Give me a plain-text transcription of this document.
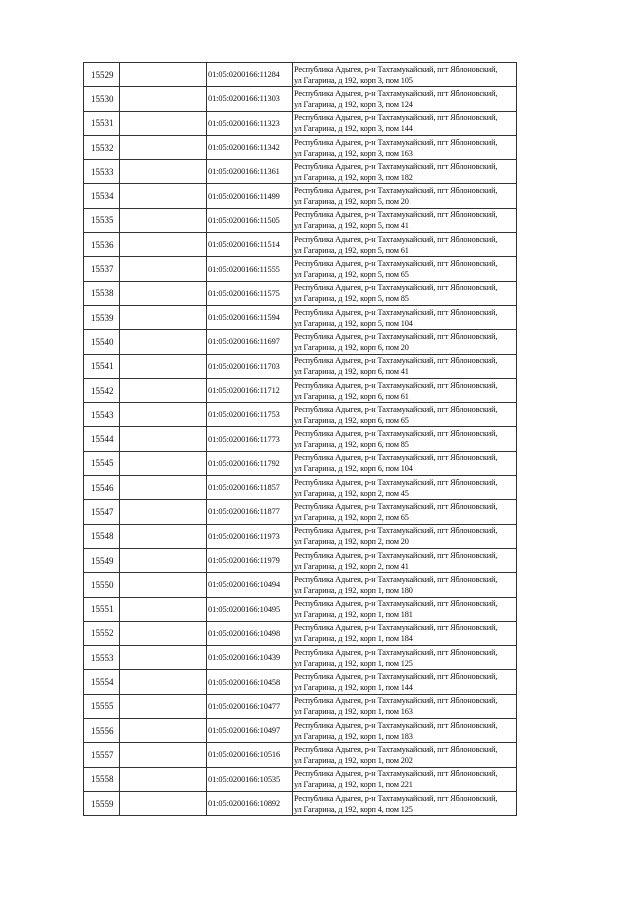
15529		01:05:0200166:11284	Республика Адыгея, р-н Тахтамукайский, пгт Яблоновский,
ул Гагарина, д 192, корп 3, пом 105

15530		01:05:0200166:11303	Республика Адыгея, р-н Тахтамукайский, пгт Яблоновский,
ул Гагарина, д 192, корп 3, пом 124

15531		01:05:0200166:11323	Республика Адыгея, р-н Тахтамукайский, пгт Яблоновский,
ул Гагарина, д 192, корп 3, пом 144

15532		01:05:0200166:11342	Республика Адыгея, р-н Тахтамукайский, пгт Яблоновский,
ул Гагарина, д 192, корп 3, пом 163

15533		01:05:0200166:11361	Республика Адыгея, р-н Тахтамукайский, пгт Яблоновский,
ул Гагарина, д 192, корп 3, пом 182

15534		01:05:0200166:11499	Республика Адыгея, р-н Тахтамукайский, пгт Яблоновский,
ул Гагарина, д 192, корп 5, пом 20

15535		01:05:0200166:11505	Республика Адыгея, р-н Тахтамукайский, пгт Яблоновский,
ул Гагарина, д 192, корп 5, пом 41

15536		01:05:0200166:11514	Республика Адыгея, р-н Тахтамукайский, пгт Яблоновский,
ул Гагарина, д 192, корп 5, пом 61

15537		01:05:0200166:11555	Республика Адыгея, р-н Тахтамукайский, пгт Яблоновский,
ул Гагарина, д 192, корп 5, пом 65

15538		01:05:0200166:11575	Республика Адыгея, р-н Тахтамукайский, пгт Яблоновский,
ул Гагарина, д 192, корп 5, пом 85

15539		01:05:0200166:11594	Республика Адыгея, р-н Тахтамукайский, пгт Яблоновский,
ул Гагарина, д 192, корп 5, пом 104

15540		01:05:0200166:11697	Республика Адыгея, р-н Тахтамукайский, пгт Яблоновский,
ул Гагарина, д 192, корп 6, пом 20

15541		01:05:0200166:11703	Республика Адыгея, р-н Тахтамукайский, пгт Яблоновский,
ул Гагарина, д 192, корп 6, пом 41

15542		01:05:0200166:11712	Республика Адыгея, р-н Тахтамукайский, пгт Яблоновский,
ул Гагарина, д 192, корп 6, пом 61

15543		01:05:0200166:11753	Республика Адыгея, р-н Тахтамукайский, пгт Яблоновский,
ул Гагарина, д 192, корп 6, пом 65

15544		01:05:0200166:11773	Республика Адыгея, р-н Тахтамукайский, пгт Яблоновский,
ул Гагарина, д 192, корп 6, пом 85

15545		01:05:0200166:11792	Республика Адыгея, р-н Тахтамукайский, пгт Яблоновский,
ул Гагарина, д 192, корп 6, пом 104

15546		01:05:0200166:11857	Республика Адыгея, р-н Тахтамукайский, пгт Яблоновский,
ул Гагарина, д 192, корп 2, пом 45

15547		01:05:0200166:11877	Республика Адыгея, р-н Тахтамукайский, пгт Яблоновский,
ул Гагарина, д 192, корп 2, пом 65

15548		01:05:0200166:11973	Республика Адыгея, р-н Тахтамукайский, пгт Яблоновский,
ул Гагарина, д 192, корп 2, пом 20

15549		01:05:0200166:11979	Республика Адыгея, р-н Тахтамукайский, пгт Яблоновский,
ул Гагарина, д 192, корп 2, пом 41

15550		01:05:0200166:10494	Республика Адыгея, р-н Тахтамукайский, пгт Яблоновский,
ул Гагарина, д 192, корп 1, пом 180

15551		01:05:0200166:10495	Республика Адыгея, р-н Тахтамукайский, пгт Яблоновский,
ул Гагарина, д 192, корп 1, пом 181

15552		01:05:0200166:10498	Республика Адыгея, р-н Тахтамукайский, пгт Яблоновский,
ул Гагарина, д 192, корп 1, пом 184

15553		01:05:0200166:10439	Республика Адыгея, р-н Тахтамукайский, пгт Яблоновский,
ул Гагарина, д 192, корп 1, пом 125

15554		01:05:0200166:10458	Республика Адыгея, р-н Тахтамукайский, пгт Яблоновский,
ул Гагарина, д 192, корп 1, пом 144

15555		01:05:0200166:10477	Республика Адыгея, р-н Тахтамукайский, пгт Яблоновский,
ул Гагарина, д 192, корп 1, пом 163

15556		01:05:0200166:10497	Республика Адыгея, р-н Тахтамукайский, пгт Яблоновский,
ул Гагарина, д 192, корп 1, пом 183

15557		01:05:0200166:10516	Республика Адыгея, р-н Тахтамукайский, пгт Яблоновский,
ул Гагарина, д 192, корп 1, пом 202

15558		01:05:0200166:10535	Республика Адыгея, р-н Тахтамукайский, пгт Яблоновский,
ул Гагарина, д 192, корп 1, пом 221

15559		01:05:0200166:10892	Республика Адыгея, р-н Тахтамукайский, пгт Яблоновский,
ул Гагарина, д 192, корп 4, пом 125
